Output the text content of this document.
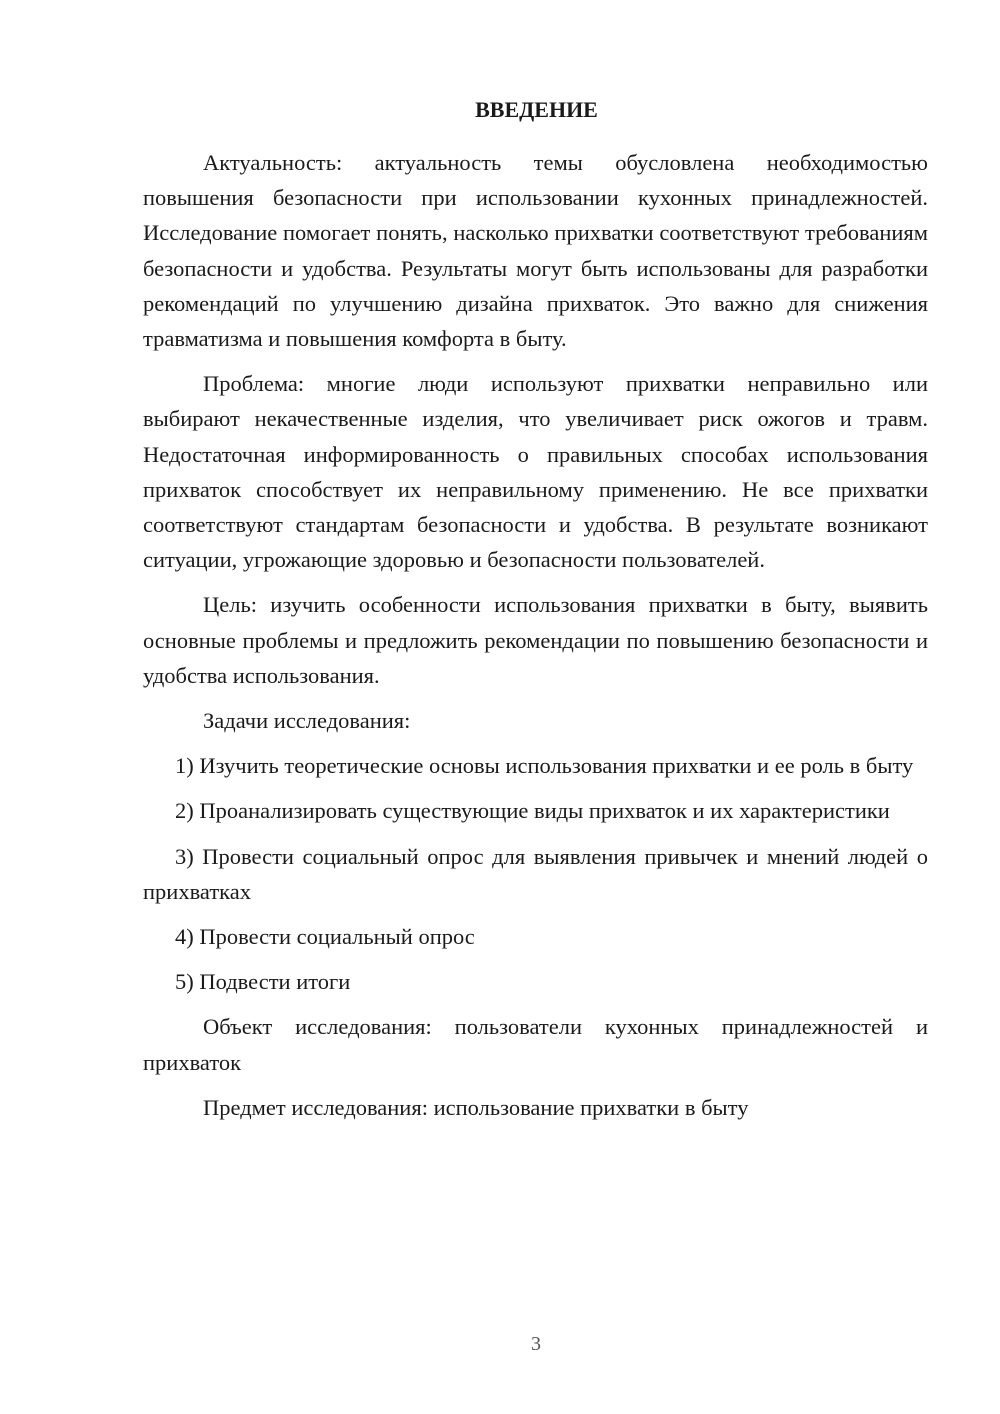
ВВЕДЕНИЕ

Актуальность: актуальность темы обусловлена необходимостью повышения безопасности при использовании кухонных принадлежностей. Исследование помогает понять, насколько прихватки соответствуют требованиям безопасности и удобства. Результаты могут быть использованы для разработки рекомендаций по улучшению дизайна прихваток. Это важно для снижения травматизма и повышения комфорта в быту.

Проблема: многие люди используют прихватки неправильно или выбирают некачественные изделия, что увеличивает риск ожогов и травм. Недостаточная информированность о правильных способах использования прихваток способствует их неправильному применению. Не все прихватки соответствуют стандартам безопасности и удобства. В результате возникают ситуации, угрожающие здоровью и безопасности пользователей.

Цель: изучить особенности использования прихватки в быту, выявить основные проблемы и предложить рекомендации по повышению безопасности и удобства использования.

Задачи исследования:

1) Изучить теоретические основы использования прихватки и ее роль в быту

2) Проанализировать существующие виды прихваток и их характеристики

3) Провести социальный опрос для выявления привычек и мнений людей о прихватках

4) Провести социальный опрос

5) Подвести итоги

Объект исследования: пользователи кухонных принадлежностей и прихваток

Предмет исследования: использование прихватки в быту

3
